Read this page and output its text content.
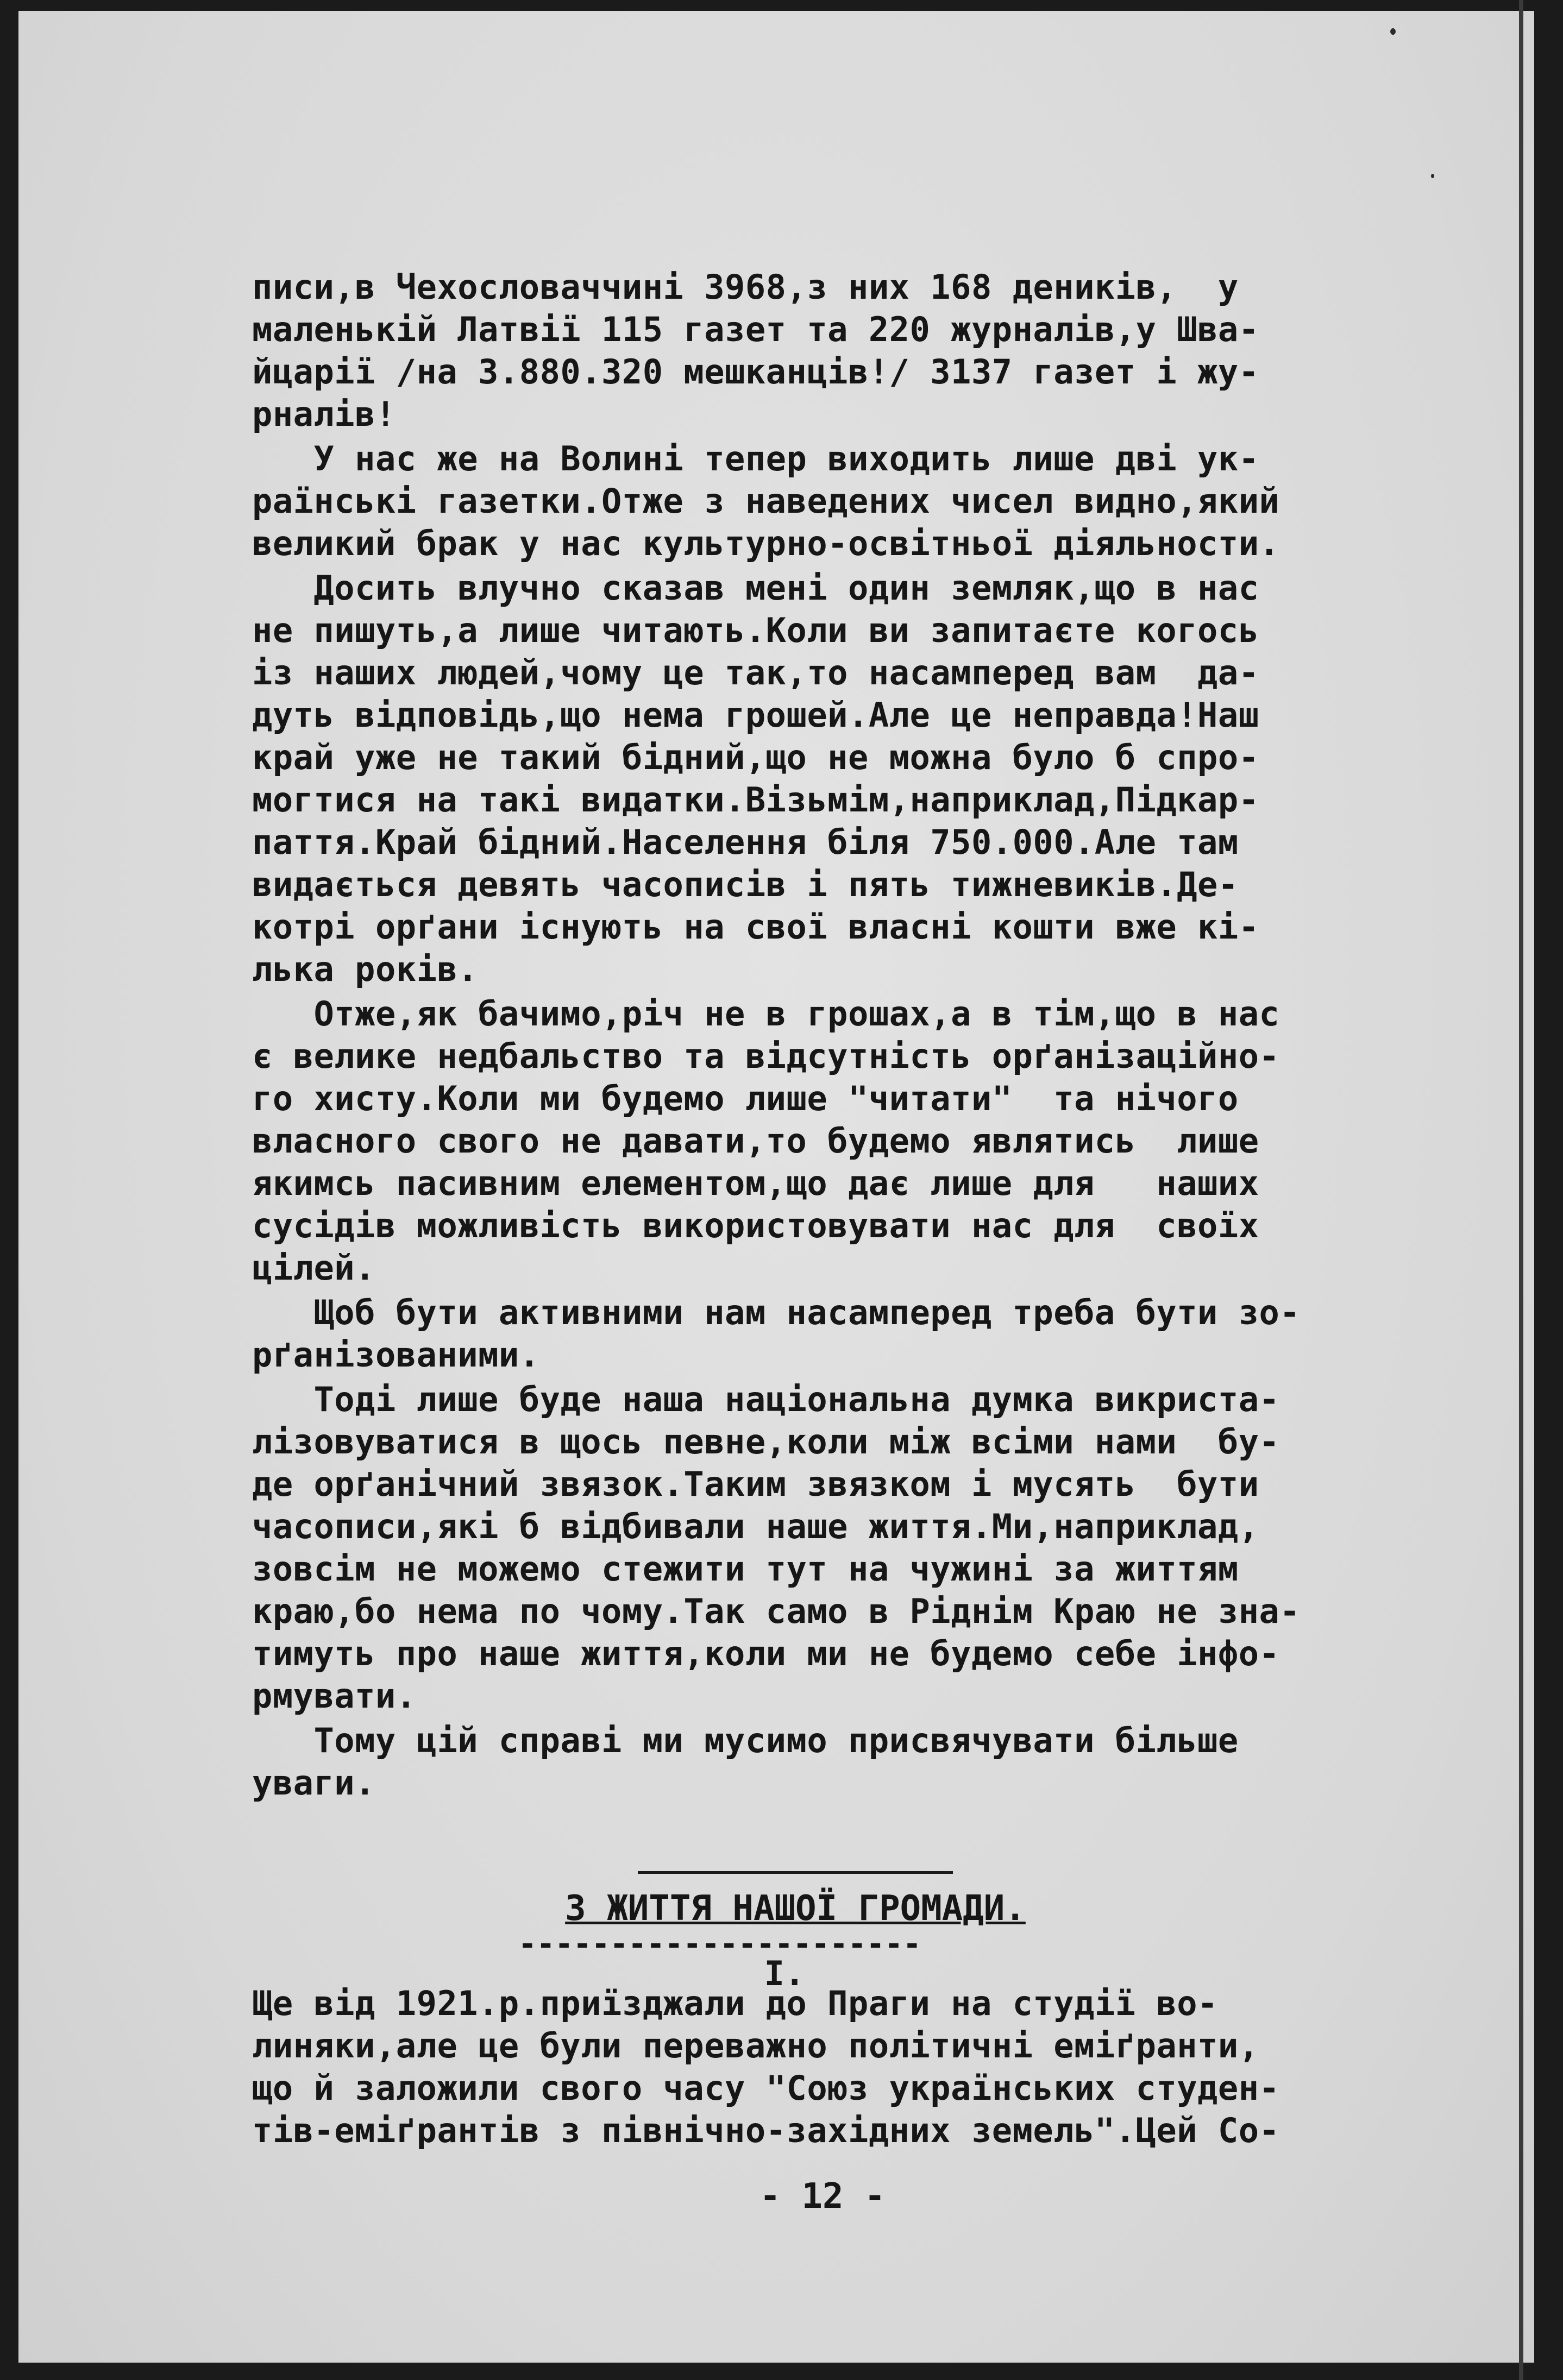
писи,в Чехословаччині 3968,з них 168 деників,  у
маленькій Латвії 115 газет та 220 журналів,у Шва-
йцарії /на 3.880.320 мешканців!/ 3137 газет і жу-
рналів!
У нас же на Волині тепер виходить лише дві ук-
раїнські газетки.Отже з наведених чисел видно,який
великий брак у нас культурно-освітньої діяльности.
Досить влучно сказав мені один земляк,що в нас
не пишуть,а лише читають.Коли ви запитаєте когось
із наших людей,чому це так,то насамперед вам  да-
дуть відповідь,що нема грошей.Але це неправда!Наш
край уже не такий бідний,що не можна було б спро-
могтися на такі видатки.Візьмім,наприклад,Підкар-
паття.Край бідний.Населення біля 750.000.Але там
видається девять часописів і пять тижневиків.Де-
котрі орґани існують на свої власні кошти вже кі-
лька років.
Отже,як бачимо,річ не в грошах,а в тім,що в нас
є велике недбальство та відсутність орґанізаційно-
го хисту.Коли ми будемо лише "читати"  та нічого
власного свого не давати,то будемо являтись  лише
якимсь пасивним елементом,що дає лише для   наших
сусідів можливість використовувати нас для  своїх
цілей.
Щоб бути активними нам насамперед треба бути зо-
рґанізованими.
Тоді лише буде наша національна думка викриста-
лізовуватися в щось певне,коли між всіми нами  бу-
де орґанічний звязок.Таким звязком і мусять  бути
часописи,які б відбивали наше життя.Ми,наприклад,
зовсім не можемо стежити тут на чужині за життям
краю,бо нема по чому.Так само в Ріднім Краю не зна-
тимуть про наше життя,коли ми не будемо себе інфо-
рмувати.
Тому цій справі ми мусимо присвячувати більше
уваги.
З ЖИТТЯ НАШОЇ ГРОМАДИ.
----------------------
I.
Ще від 1921.р.приїзджали до Праги на студії во-
линяки,але це були переважно політичні еміґранти,
що й заложили свого часу "Союз українських студен-
тів-еміґрантів з північно-західних земель".Цей Со-
- 12 -
